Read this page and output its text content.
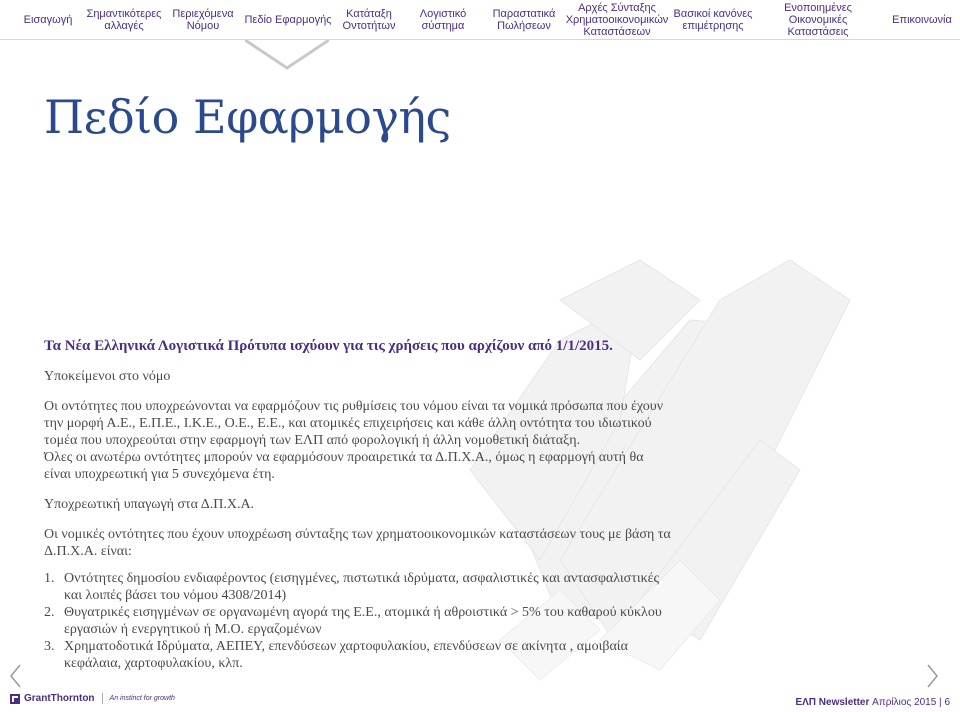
Εισαγωγή	Σημαντικότερες
αλλαγές
Περιεχόμενα
Νόμου	Πεδίο Εφαρμογής	Κατάταξη
Οντοτήτων
Λογιστικό
σύστημα
Παραστατικά
Πωλήσεων
Αρχές Σύνταξης
Χρηματοοικονομικών
Καταστάσεων
Βασικοί κανόνες
επιμέτρησης
Ενοποιημένες Οικονομικές
Καταστάσεις
Επικοινωνία
Πεδίο Εφαρμογής
Τα Νέα Ελληνικά Λογιστικά Πρότυπα ισχύουν για τις χρήσεις που αρχίζουν από 1/1/2015.

Υποκείμενοι στο νόμο

Οι οντότητες που υποχρεώνονται να εφαρμόζουν τις ρυθμίσεις του νόμου είναι τα νομικά πρόσωπα που έχουν την μορφή Α.Ε., Ε.Π.Ε., Ι.Κ.Ε., Ο.Ε., Ε.Ε., και ατομικές επιχειρήσεις και κάθε άλλη οντότητα του ιδιωτικού τομέα που υποχρεούται στην εφαρμογή των ΕΛΠ από φορολογική ή άλλη νομοθετική διάταξη.

Όλες οι ανωτέρω οντότητες μπορούν να εφαρμόσουν προαιρετικά τα Δ.Π.Χ.Α., όμως η εφαρμογή αυτή θα είναι υποχρεωτική για 5 συνεχόμενα έτη.

Υποχρεωτική υπαγωγή στα Δ.Π.Χ.Α.

Οι νομικές οντότητες που έχουν υποχρέωση σύνταξης των χρηματοοικονομικών καταστάσεων τους με βάση τα Δ.Π.Χ.Α. είναι:

1. Οντότητες δημοσίου ενδιαφέροντος (εισηγμένες, πιστωτικά ιδρύματα, ασφαλιστικές και αντασφαλιστικές και λοιπές βάσει του νόμου 4308/2014)
2. Θυγατρικές εισηγμένων σε οργανωμένη αγορά της Ε.Ε., ατομικά ή αθροιστικά > 5% του καθαρού κύκλου εργασιών ή ενεργητικού ή Μ.Ο. εργαζομένων
3. Χρηματοδοτικά Ιδρύματα, ΑΕΠΕΥ, επενδύσεων χαρτοφυλακίου, επενδύσεων σε ακίνητα , αμοιβαία κεφάλαια, χαρτοφυλακίου, κλπ.
GrantThornton An instinct for growth	ΕΛΠ Newsletter Απρίλιος 2015 | 6
